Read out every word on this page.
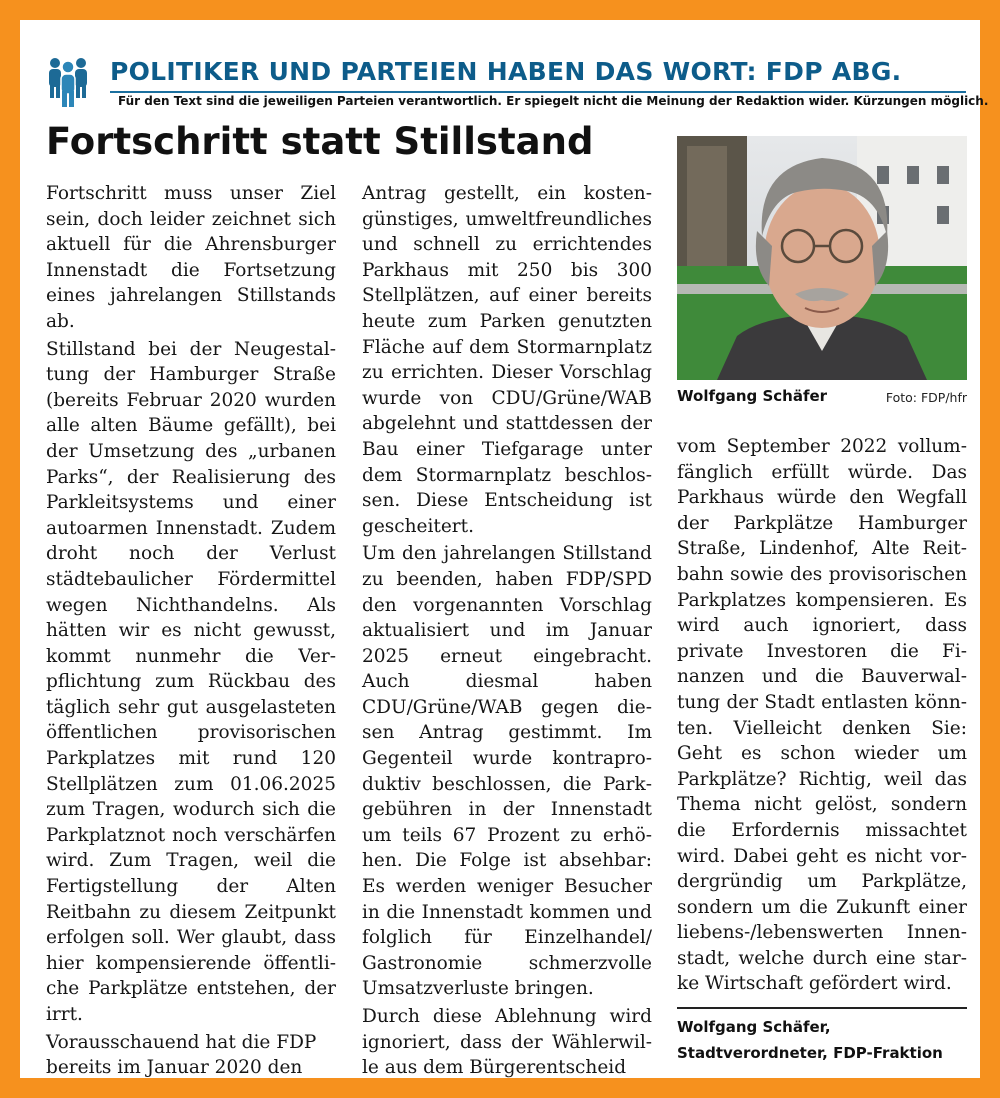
POLITIKER UND PARTEIEN HABEN DAS WORT: FDP ABG.
Für den Text sind die jeweiligen Parteien verantwortlich. Er spiegelt nicht die Meinung der Redaktion wider. Kürzungen möglich.
Fortschritt statt Stillstand

Fortschritt muss unser Ziel sein, doch leider zeichnet sich aktuell für die Ahrensburger Innenstadt die Fortsetzung eines jahrelangen Stillstands ab.

Stillstand bei der Neugestaltung der Hamburger Straße (bereits Februar 2020 wurden alle alten Bäume gefällt), bei der Umsetzung des „urbanen Parks“, der Realisierung des Parkleitsystems und einer autoarmen Innenstadt. Zudem droht noch der Verlust städtebaulicher Fördermittel wegen Nichthandelns. Als hätten wir es nicht gewusst, kommt nunmehr die Verpflichtung zum Rückbau des täglich sehr gut ausgelasteten öffentlichen provisorischen Parkplatzes mit rund 120 Stellplätzen zum 01.06.2025 zum Tragen, wodurch sich die Parkplatznot noch verschärfen wird. Zum Tragen, weil die Fertigstellung der Alten Reitbahn zu diesem Zeitpunkt erfolgen soll. Wer glaubt, dass hier kompensierende öffentliche Parkplätze entstehen, der irrt.

Vorausschauend hat die FDP bereits im Januar 2020 den

Antrag gestellt, ein kostengünstiges, umweltfreundliches und schnell zu errichtendes Parkhaus mit 250 bis 300 Stellplätzen, auf einer bereits heute zum Parken genutzten Fläche auf dem Stormarnplatz zu errichten. Dieser Vorschlag wurde von CDU/Grüne/WAB abgelehnt und stattdessen der Bau einer Tiefgarage unter dem Stormarnplatz beschlossen. Diese Entscheidung ist gescheitert.

Um den jahrelangen Stillstand zu beenden, haben FDP/SPD den vorgenannten Vorschlag aktualisiert und im Januar 2025 erneut eingebracht. Auch diesmal haben CDU/Grüne/WAB gegen diesen Antrag gestimmt. Im Gegenteil wurde kontraproduktiv beschlossen, die Parkgebühren in der Innenstadt um teils 67 Prozent zu erhöhen. Die Folge ist absehbar: Es werden weniger Besucher in die Innenstadt kommen und folglich für Einzelhandel/ Gastronomie schmerzvolle Umsatzverluste bringen.

Durch diese Ablehnung wird ignoriert, dass der Wählerwille aus dem Bürgerentscheid

Wolfgang Schäfer	Foto: FDP/hfr

vom September 2022 vollumfänglich erfüllt würde. Das Parkhaus würde den Wegfall der Parkplätze Hamburger Straße, Lindenhof, Alte Reitbahn sowie des provisorischen Parkplatzes kompensieren. Es wird auch ignoriert, dass private Investoren die Finanzen und die Bauverwaltung der Stadt entlasten könnten. Vielleicht denken Sie: Geht es schon wieder um Parkplätze? Richtig, weil das Thema nicht gelöst, sondern die Erfordernis missachtet wird. Dabei geht es nicht vordergründig um Parkplätze, sondern um die Zukunft einer liebens-/lebenswerten Innenstadt, welche durch eine starke Wirtschaft gefördert wird.

Wolfgang Schäfer,
Stadtverordneter, FDP-Fraktion
